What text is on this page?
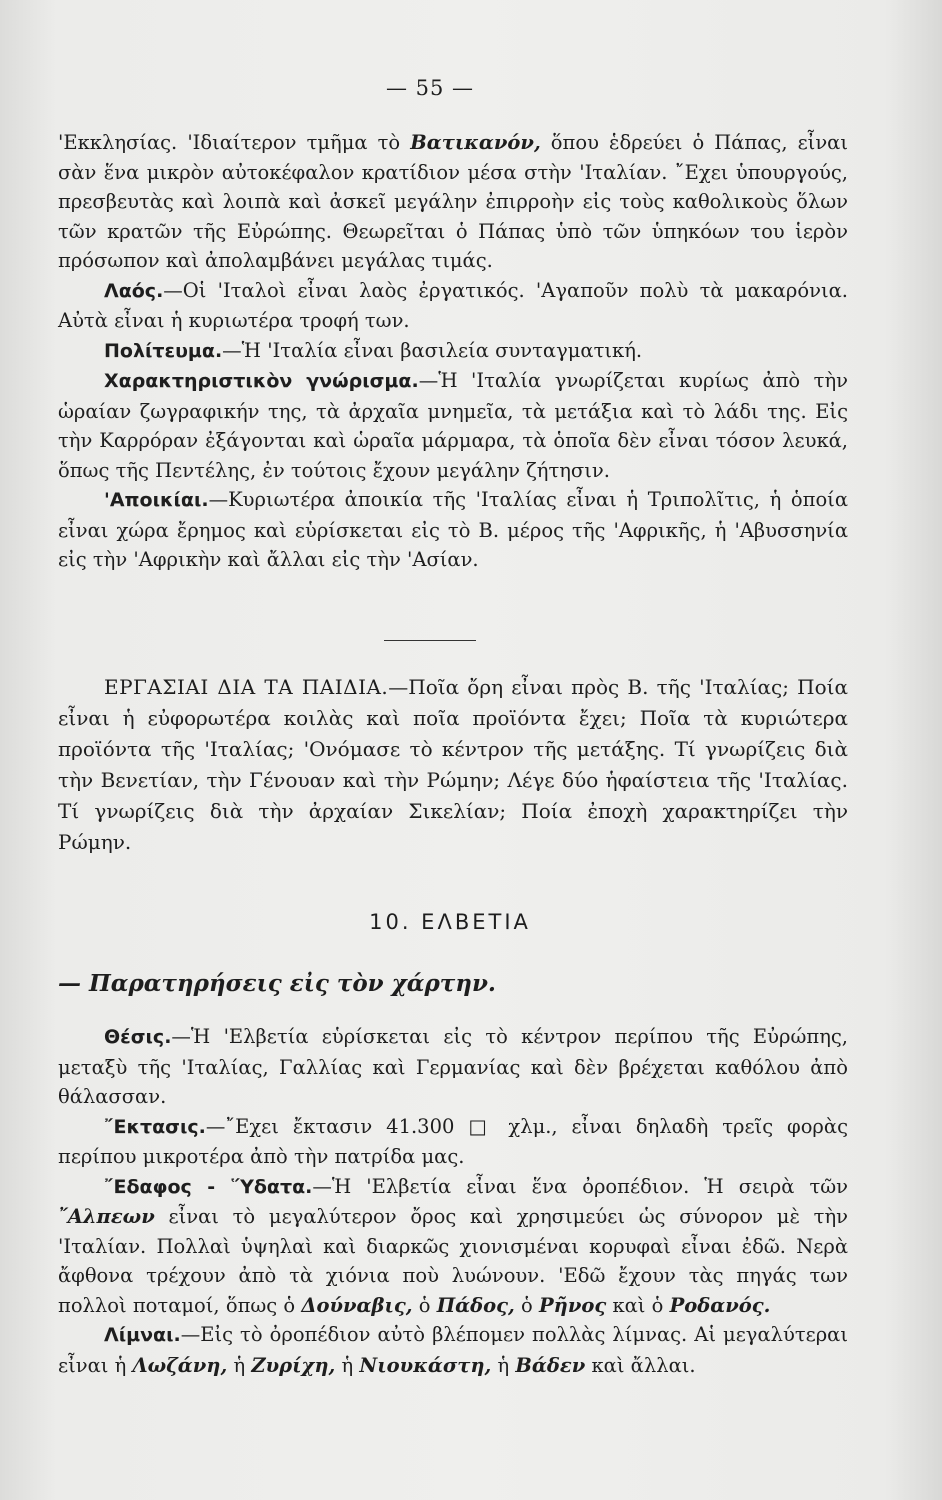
— 55 —

'Εκκλησίας. 'Ιδιαίτερον τμῆμα τὸ Βατικανόν, ὅπου ἑδρεύει ὁ Πάπας, εἶναι σὰν ἕνα μικρὸν αὐτοκέφαλον κρατίδιον μέσα στὴν 'Ιταλίαν. ῎Εχει ὑπουργούς, πρεσβευτὰς καὶ λοιπὰ καὶ ἀσκεῖ μεγάλην ἐπιρροὴν εἰς τοὺς καθολικοὺς ὅλων τῶν κρατῶν τῆς Εὐρώπης. Θεωρεῖται ὁ Πάπας ὑπὸ τῶν ὑπηκόων του ἱερὸν πρόσωπον καὶ ἀπολαμβάνει μεγάλας τιμάς.

Λαός.—Οἱ 'Ιταλοὶ εἶναι λαὸς ἐργατικός. 'Αγαποῦν πολὺ τὰ μακαρόνια. Αὐτὰ εἶναι ἡ κυριωτέρα τροφή των.

Πολίτευμα.—Ἡ 'Ιταλία εἶναι βασιλεία συνταγματική.

Χαρακτηριστικὸν γνώρισμα.—Ἡ 'Ιταλία γνωρίζεται κυρίως ἀπὸ τὴν ὡραίαν ζωγραφικήν της, τὰ ἀρχαῖα μνημεῖα, τὰ μετάξια καὶ τὸ λάδι της. Εἰς τὴν Καρρόραν ἐξάγονται καὶ ὡραῖα μάρμαρα, τὰ ὁποῖα δὲν εἶναι τόσον λευκά, ὅπως τῆς Πεντέλης, ἐν τούτοις ἔχουν μεγάλην ζήτησιν.

'Αποικίαι.—Κυριωτέρα ἀποικία τῆς 'Ιταλίας εἶναι ἡ Τριπολῖτις, ἡ ὁποία εἶναι χώρα ἔρημος καὶ εὑρίσκεται εἰς τὸ Β. μέρος τῆς 'Αφρικῆς, ἡ 'Αβυσσηνία εἰς τὴν 'Αφρικὴν καὶ ἄλλαι εἰς τὴν 'Ασίαν.

ΕΡΓΑΣΙΑΙ ΔΙΑ ΤΑ ΠΑΙΔΙΑ.—Ποῖα ὄρη εἶναι πρὸς Β. τῆς 'Ιταλίας; Ποία εἶναι ἡ εὐφορωτέρα κοιλὰς καὶ ποῖα προϊόντα ἔχει; Ποῖα τὰ κυριώτερα προϊόντα τῆς 'Ιταλίας; 'Ονόμασε τὸ κέντρον τῆς μετάξης. Τί γνωρίζεις διὰ τὴν Βενετίαν, τὴν Γένουαν καὶ τὴν Ρώμην; Λέγε δύο ἡφαίστεια τῆς 'Ιταλίας. Τί γνωρίζεις διὰ τὴν ἀρχαίαν Σικελίαν; Ποία ἐποχὴ χαρακτηρίζει τὴν Ρώμην.

10. ΕΛΒΕΤΙΑ
— Παρατηρήσεις εἰς τὸν χάρτην.

Θέσις.—Ἡ 'Ελβετία εὑρίσκεται εἰς τὸ κέντρον περίπου τῆς Εὐρώπης, μεταξὺ τῆς 'Ιταλίας, Γαλλίας καὶ Γερμανίας καὶ δὲν βρέχεται καθόλου ἀπὸ θάλασσαν.

῎Εκτασις.—῎Εχει ἔκτασιν 41.300 □ χλμ., εἶναι δηλαδὴ τρεῖς φορὰς περίπου μικροτέρα ἀπὸ τὴν πατρίδα μας.

῎Εδαφος - ῞Υδατα.—Ἡ 'Ελβετία εἶναι ἕνα ὀροπέδιον. Ἡ σειρὰ τῶν ῎Αλπεων εἶναι τὸ μεγαλύτερον ὄρος καὶ χρησιμεύει ὡς σύνορον μὲ τὴν 'Ιταλίαν. Πολλαὶ ὑψηλαὶ καὶ διαρκῶς χιονισμέναι κορυφαὶ εἶναι ἐδῶ. Νερὰ ἄφθονα τρέχουν ἀπὸ τὰ χιόνια ποὺ λυώνουν. 'Εδῶ ἔχουν τὰς πηγάς των πολλοὶ ποταμοί, ὅπως ὁ Δούναβις, ὁ Πάδος, ὁ Ρῆνος καὶ ὁ Ροδανός.

Λίμναι.—Εἰς τὸ ὀροπέδιον αὐτὸ βλέπομεν πολλὰς λίμνας. Αἱ μεγαλύτεραι εἶναι ἡ Λωζάνη, ἡ Ζυρίχη, ἡ Νιουκάστη, ἡ Βάδεν καὶ ἄλλαι.
